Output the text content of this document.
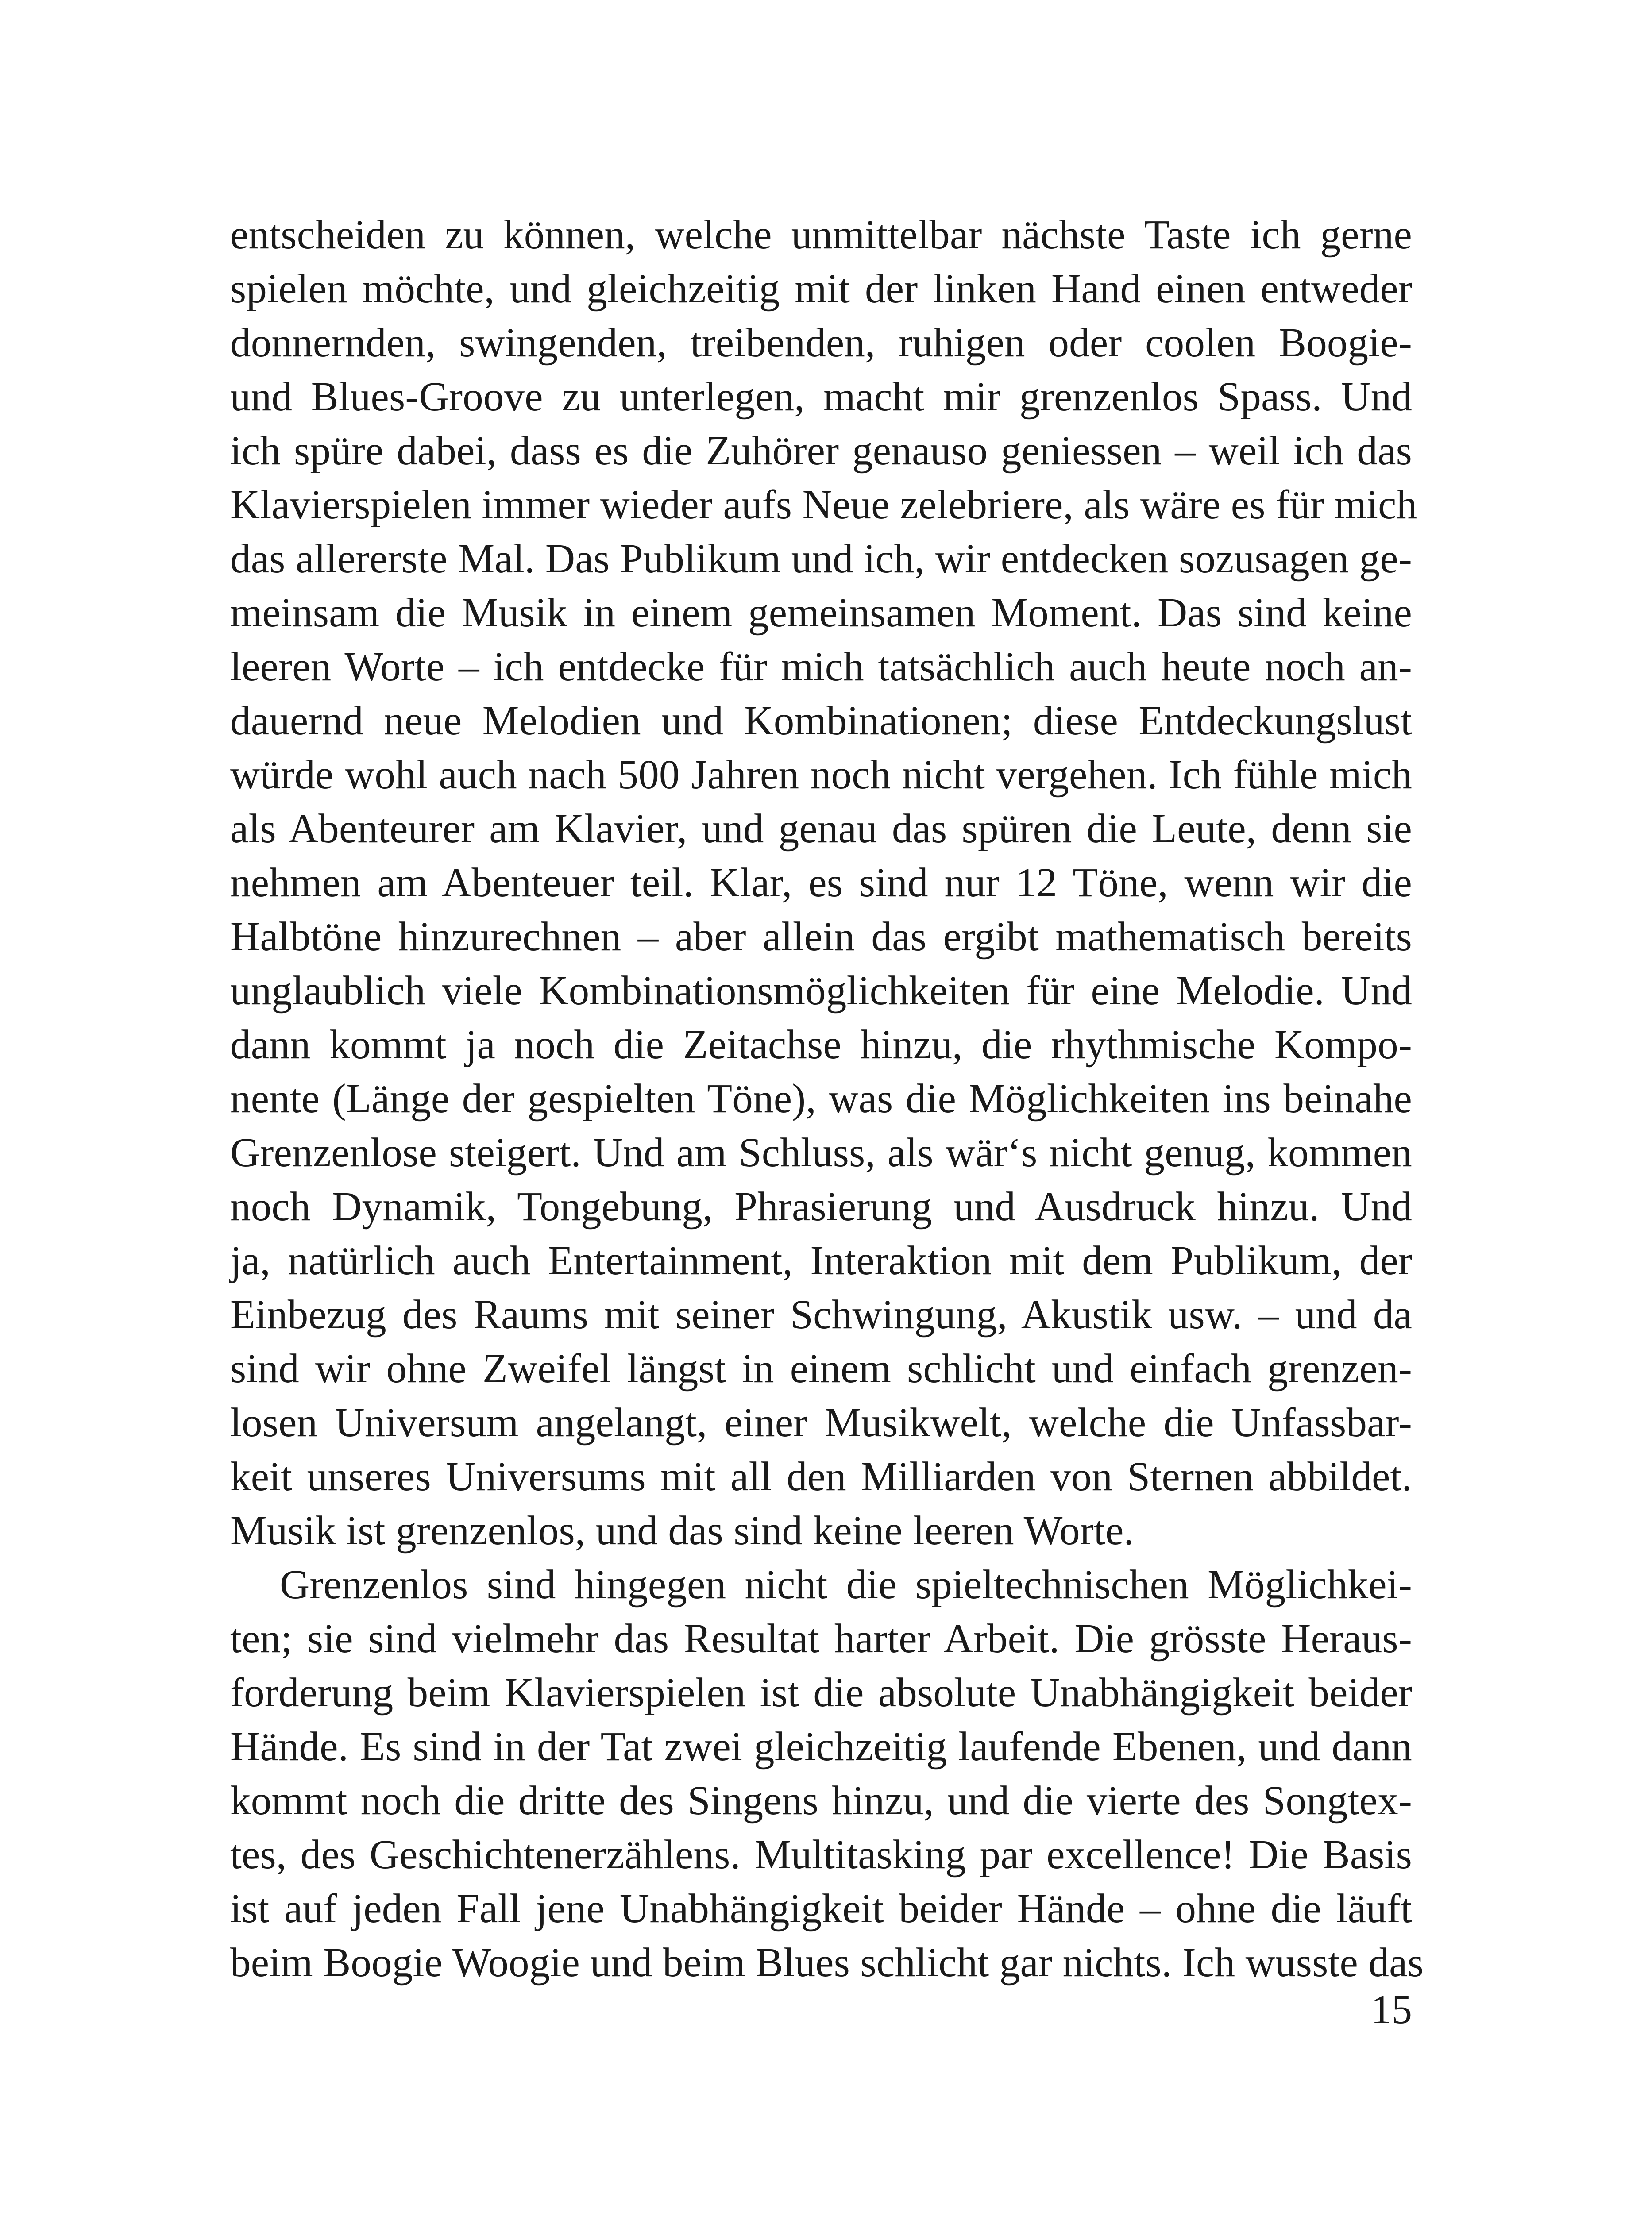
entscheiden zu können, welche unmittelbar nächste Taste ich gerne
spielen möchte, und gleichzeitig mit der linken Hand einen entweder
donnernden, swingenden, treibenden, ruhigen oder coolen Boogie-
und Blues-Groove zu unterlegen, macht mir grenzenlos Spass. Und
ich spüre dabei, dass es die Zuhörer genauso geniessen – weil ich das
Klavierspielen immer wieder aufs Neue zelebriere, als wäre es für mich
das allererste Mal. Das Publikum und ich, wir entdecken sozusagen ge-
meinsam die Musik in einem gemeinsamen Moment. Das sind keine
leeren Worte – ich entdecke für mich tatsächlich auch heute noch an-
dauernd neue Melodien und Kombinationen; diese Entdeckungslust
würde wohl auch nach 500 Jahren noch nicht vergehen. Ich fühle mich
als Abenteurer am Klavier, und genau das spüren die Leute, denn sie
nehmen am Abenteuer teil. Klar, es sind nur 12 Töne, wenn wir die
Halbtöne hinzurechnen – aber allein das ergibt mathematisch bereits
unglaublich viele Kombinationsmöglichkeiten für eine Melodie. Und
dann kommt ja noch die Zeitachse hinzu, die rhythmische Kompo-
nente (Länge der gespielten Töne), was die Möglichkeiten ins beinahe
Grenzenlose steigert. Und am Schluss, als wär‘s nicht genug, kommen
noch Dynamik, Tongebung, Phrasierung und Ausdruck hinzu. Und
ja, natürlich auch Entertainment, Interaktion mit dem Publikum, der
Einbezug des Raums mit seiner Schwingung, Akustik usw. – und da
sind wir ohne Zweifel längst in einem schlicht und einfach grenzen-
losen Universum angelangt, einer Musikwelt, welche die Unfassbar-
keit unseres Universums mit all den Milliarden von Sternen abbildet.
Musik ist grenzenlos, und das sind keine leeren Worte.
Grenzenlos sind hingegen nicht die spieltechnischen Möglichkei-
ten; sie sind vielmehr das Resultat harter Arbeit. Die grösste Heraus-
forderung beim Klavierspielen ist die absolute Unabhängigkeit beider
Hände. Es sind in der Tat zwei gleichzeitig laufende Ebenen, und dann
kommt noch die dritte des Singens hinzu, und die vierte des Songtex-
tes, des Geschichtenerzählens. Multitasking par excellence! Die Basis
ist auf jeden Fall jene Unabhängigkeit beider Hände – ohne die läuft
beim Boogie Woogie und beim Blues schlicht gar nichts. Ich wusste das
15
